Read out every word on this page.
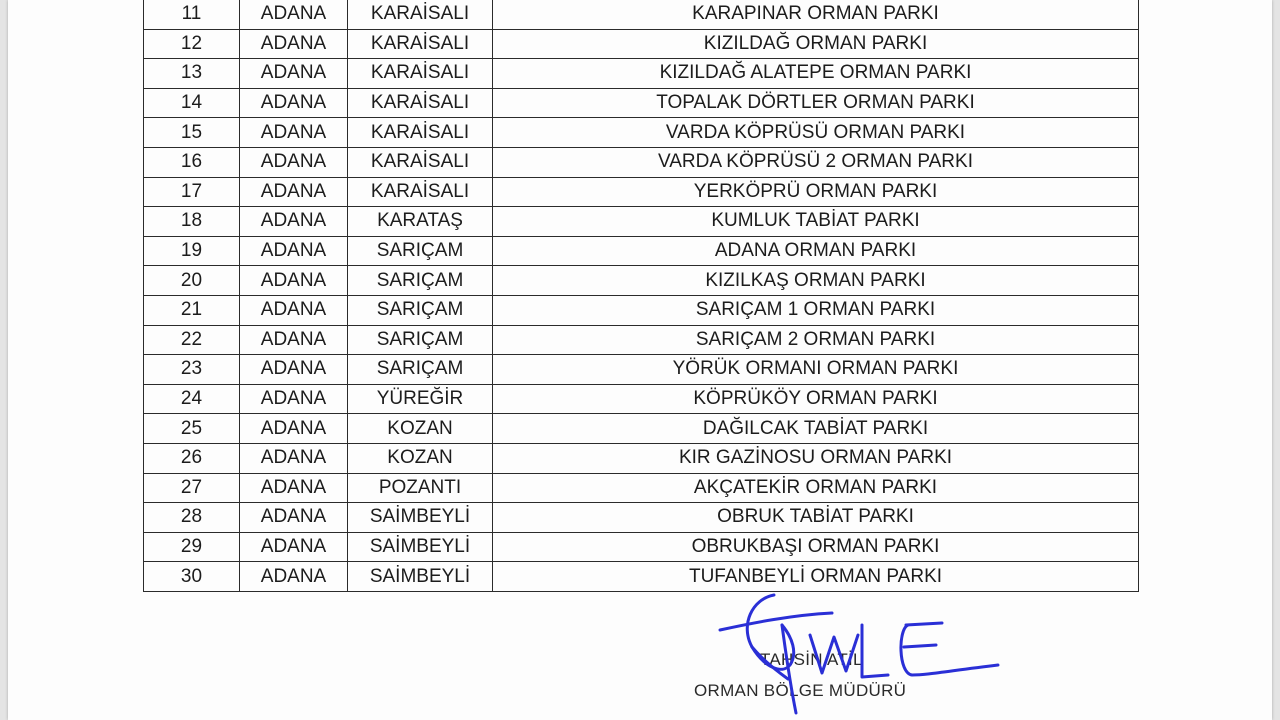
11	ADANA	KARAİSALI	KARAPINAR ORMAN PARKI
12	ADANA	KARAİSALI	KIZILDAĞ ORMAN PARKI
13	ADANA	KARAİSALI	KIZILDAĞ ALATEPE ORMAN PARKI
14	ADANA	KARAİSALI	TOPALAK DÖRTLER ORMAN PARKI
15	ADANA	KARAİSALI	VARDA KÖPRÜSÜ ORMAN PARKI
16	ADANA	KARAİSALI	VARDA KÖPRÜSÜ 2 ORMAN PARKI
17	ADANA	KARAİSALI	YERKÖPRÜ ORMAN PARKI
18	ADANA	KARATAŞ	KUMLUK TABİAT PARKI
19	ADANA	SARIÇAM	ADANA ORMAN PARKI
20	ADANA	SARIÇAM	KIZILKAŞ ORMAN PARKI
21	ADANA	SARIÇAM	SARIÇAM 1 ORMAN PARKI
22	ADANA	SARIÇAM	SARIÇAM 2 ORMAN PARKI
23	ADANA	SARIÇAM	YÖRÜK ORMANI ORMAN PARKI
24	ADANA	YÜREĞİR	KÖPRÜKÖY ORMAN PARKI
25	ADANA	KOZAN	DAĞILCAK TABİAT PARKI
26	ADANA	KOZAN	KIR GAZİNOSU ORMAN PARKI
27	ADANA	POZANTI	AKÇATEKİR ORMAN PARKI
28	ADANA	SAİMBEYLİ	OBRUK TABİAT PARKI
29	ADANA	SAİMBEYLİ	OBRUKBAŞI ORMAN PARKI
30	ADANA	SAİMBEYLİ	TUFANBEYLİ ORMAN PARKI
TAHSİN ATİL
ORMAN BÖLGE MÜDÜRÜ
